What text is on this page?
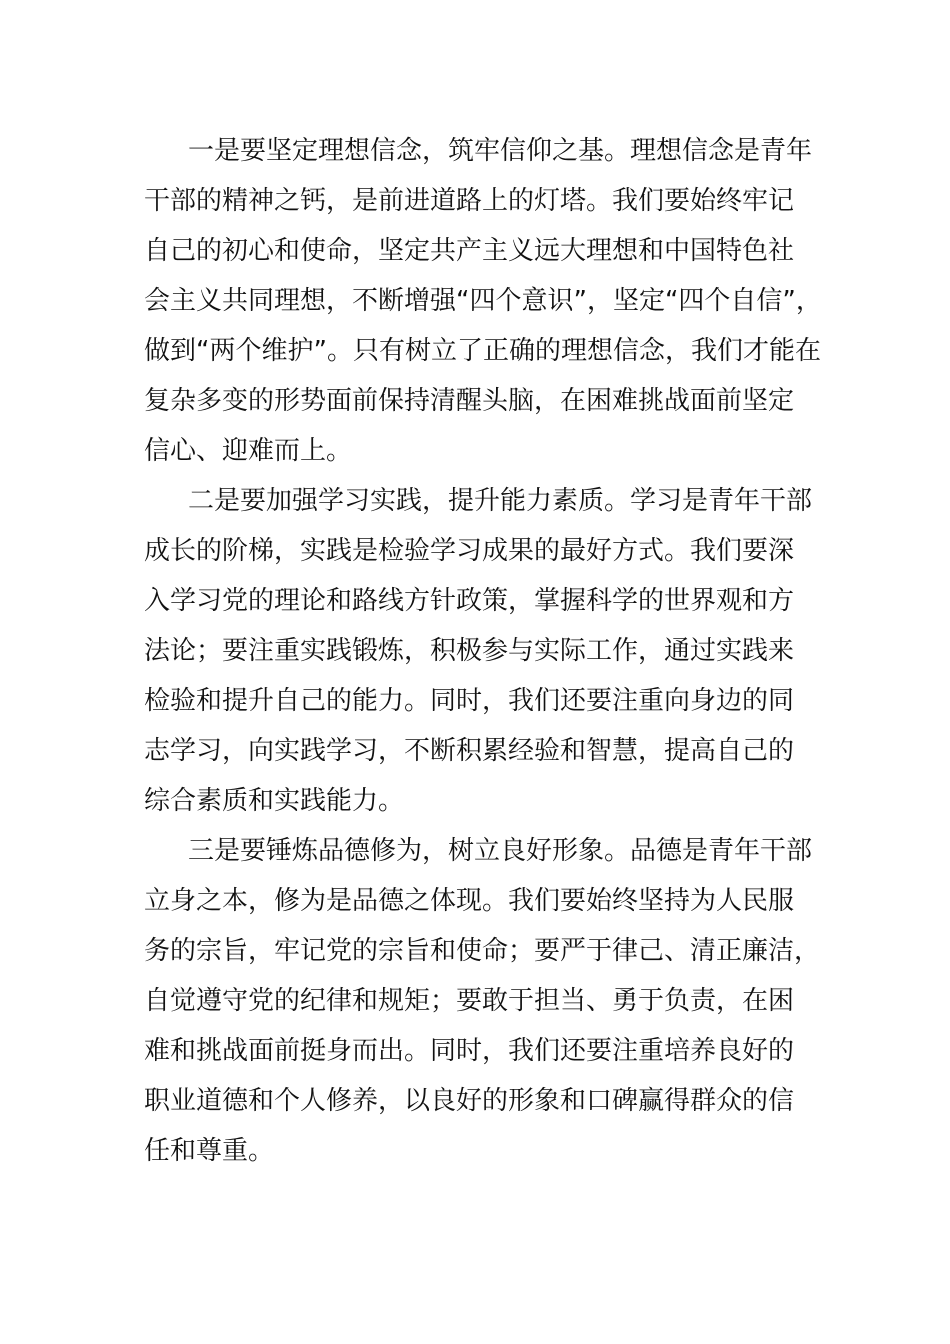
一是要坚定理想信念，筑牢信仰之基。理想信念是青年
干部的精神之钙，是前进道路上的灯塔。我们要始终牢记
自己的初心和使命，坚定共产主义远大理想和中国特色社
会主义共同理想，不断增强“四个意识”，坚定“四个自信”，
做到“两个维护”。只有树立了正确的理想信念，我们才能在
复杂多变的形势面前保持清醒头脑，在困难挑战面前坚定
信心、迎难而上。
二是要加强学习实践，提升能力素质。学习是青年干部
成长的阶梯，实践是检验学习成果的最好方式。我们要深
入学习党的理论和路线方针政策，掌握科学的世界观和方
法论；要注重实践锻炼，积极参与实际工作，通过实践来
检验和提升自己的能力。同时，我们还要注重向身边的同
志学习，向实践学习，不断积累经验和智慧，提高自己的
综合素质和实践能力。
三是要锤炼品德修为，树立良好形象。品德是青年干部
立身之本，修为是品德之体现。我们要始终坚持为人民服
务的宗旨，牢记党的宗旨和使命；要严于律己、清正廉洁，
自觉遵守党的纪律和规矩；要敢于担当、勇于负责，在困
难和挑战面前挺身而出。同时，我们还要注重培养良好的
职业道德和个人修养，以良好的形象和口碑赢得群众的信
任和尊重。
